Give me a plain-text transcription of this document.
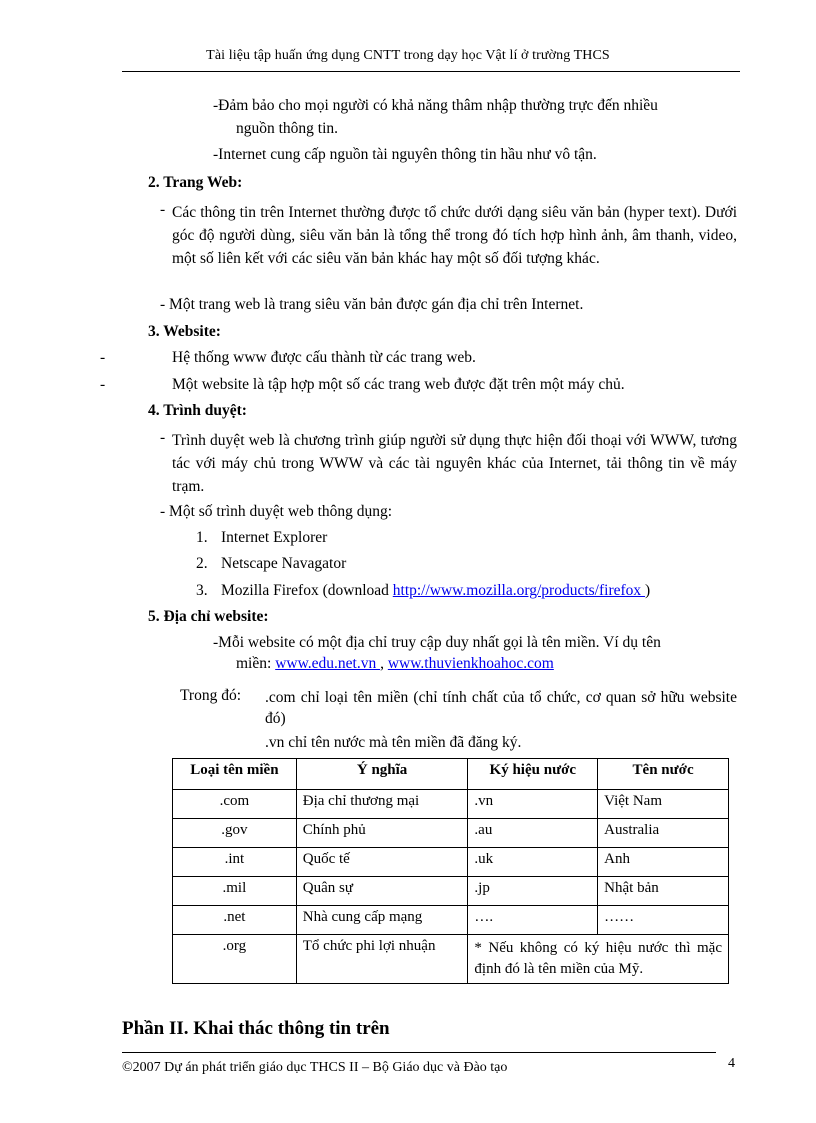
Tài liệu tập huấn ứng dụng CNTT trong dạy học Vật lí ở trường THCS
-Đảm bảo cho mọi người có khả năng thâm nhập thường trực đến nhiều
nguồn thông tin.
-Internet cung cấp nguồn tài nguyên thông tin hầu như vô tận.
2. Trang Web:
- Các thông tin trên Internet thường được tổ chức dưới dạng siêu văn bản (hyper text). Dưới góc độ người dùng, siêu văn bản là tổng thể trong đó tích hợp hình ảnh, âm thanh, video, một số liên kết với các siêu văn bản khác hay một số đối tượng khác.
- Một trang web là trang siêu văn bản được gán địa chỉ trên Internet.
3. Website:
-	Hệ thống www được cấu thành từ các trang web.
-	Một website là tập hợp một số các trang web được đặt trên một máy chủ.
4. Trình duyệt:
- Trình duyệt web là chương trình giúp người sử dụng thực hiện đối thoại với WWW, tương tác với máy chủ trong WWW và các tài nguyên khác của Internet, tải thông tin về máy trạm.
- Một số trình duyệt web thông dụng:
1. Internet Explorer
2. Netscape Navagator
3. Mozilla Firefox (download http://www.mozilla.org/products/firefox )
5. Địa chỉ website:
-Mỗi website có một địa chỉ truy cập duy nhất gọi là tên miền. Ví dụ tên
miền: www.edu.net.vn , www.thuvienkhoahoc.com
Trong đó: .com chỉ loại tên miền (chỉ tính chất của tổ chức, cơ quan sở hữu website đó)
.vn chỉ tên nước mà tên miền đã đăng ký.
Loại tên miền	Ý nghĩa	Ký hiệu nước	Tên nước
.com	Địa chỉ thương mại	.vn	Việt Nam
.gov	Chính phủ	.au	Australia
.int	Quốc tế	.uk	Anh
.mil	Quân sự	.jp	Nhật bản
.net	Nhà cung cấp mạng	….	……
.org	Tổ chức phi lợi nhuận	* Nếu không có ký hiệu nước thì mặc định đó là tên miền của Mỹ.	
Phần II. Khai thác thông tin trên
©2007 Dự án phát triển giáo dục THCS II – Bộ Giáo dục và Đào tạo	4
